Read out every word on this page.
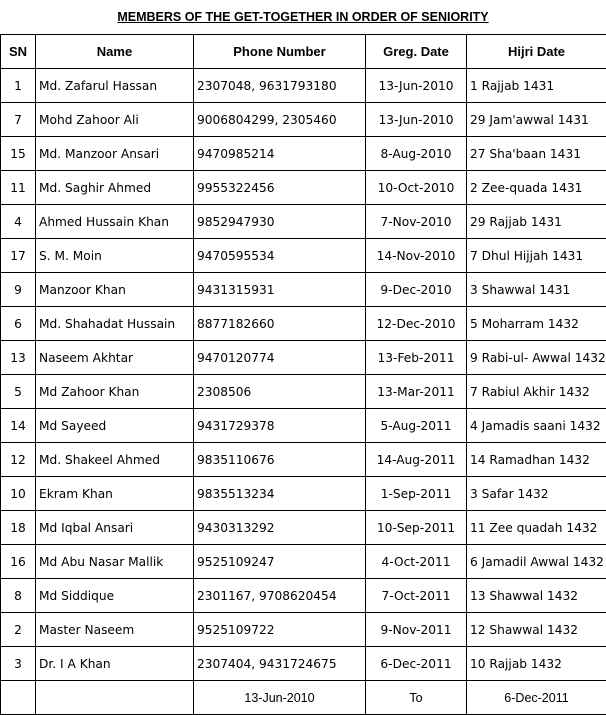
MEMBERS OF THE GET-TOGETHER IN ORDER OF SENIORITY
SN	Name	Phone Number	Greg. Date	Hijri Date
1	Md. Zafarul Hassan	2307048, 9631793180	13-Jun-2010	1 Rajjab 1431
7	Mohd Zahoor Ali	9006804299, 2305460	13-Jun-2010	29 Jam'awwal 1431
15	Md. Manzoor Ansari	9470985214	8-Aug-2010	27 Sha'baan 1431
11	Md. Saghir Ahmed	9955322456	10-Oct-2010	2 Zee-quada 1431
4	Ahmed Hussain Khan	9852947930	7-Nov-2010	29 Rajjab 1431
17	S. M. Moin	9470595534	14-Nov-2010	7 Dhul Hijjah 1431
9	Manzoor Khan	9431315931	9-Dec-2010	3 Shawwal 1431
6	Md. Shahadat Hussain	8877182660	12-Dec-2010	5 Moharram 1432
13	Naseem Akhtar	9470120774	13-Feb-2011	9 Rabi-ul- Awwal 1432
5	Md Zahoor Khan	2308506	13-Mar-2011	7 Rabiul Akhir 1432
14	Md Sayeed	9431729378	5-Aug-2011	4 Jamadis saani 1432
12	Md. Shakeel Ahmed	9835110676	14-Aug-2011	14 Ramadhan 1432
10	Ekram Khan	9835513234	1-Sep-2011	3 Safar 1432
18	Md Iqbal Ansari	9430313292	10-Sep-2011	11 Zee quadah 1432
16	Md Abu Nasar Mallik	9525109247	4-Oct-2011	6 Jamadil Awwal 1432
8	Md Siddique	2301167, 9708620454	7-Oct-2011	13 Shawwal 1432
2	Master Naseem	9525109722	9-Nov-2011	12 Shawwal 1432
3	Dr. I A Khan	2307404, 9431724675	6-Dec-2011	10 Rajjab 1432
		13-Jun-2010	To	6-Dec-2011
